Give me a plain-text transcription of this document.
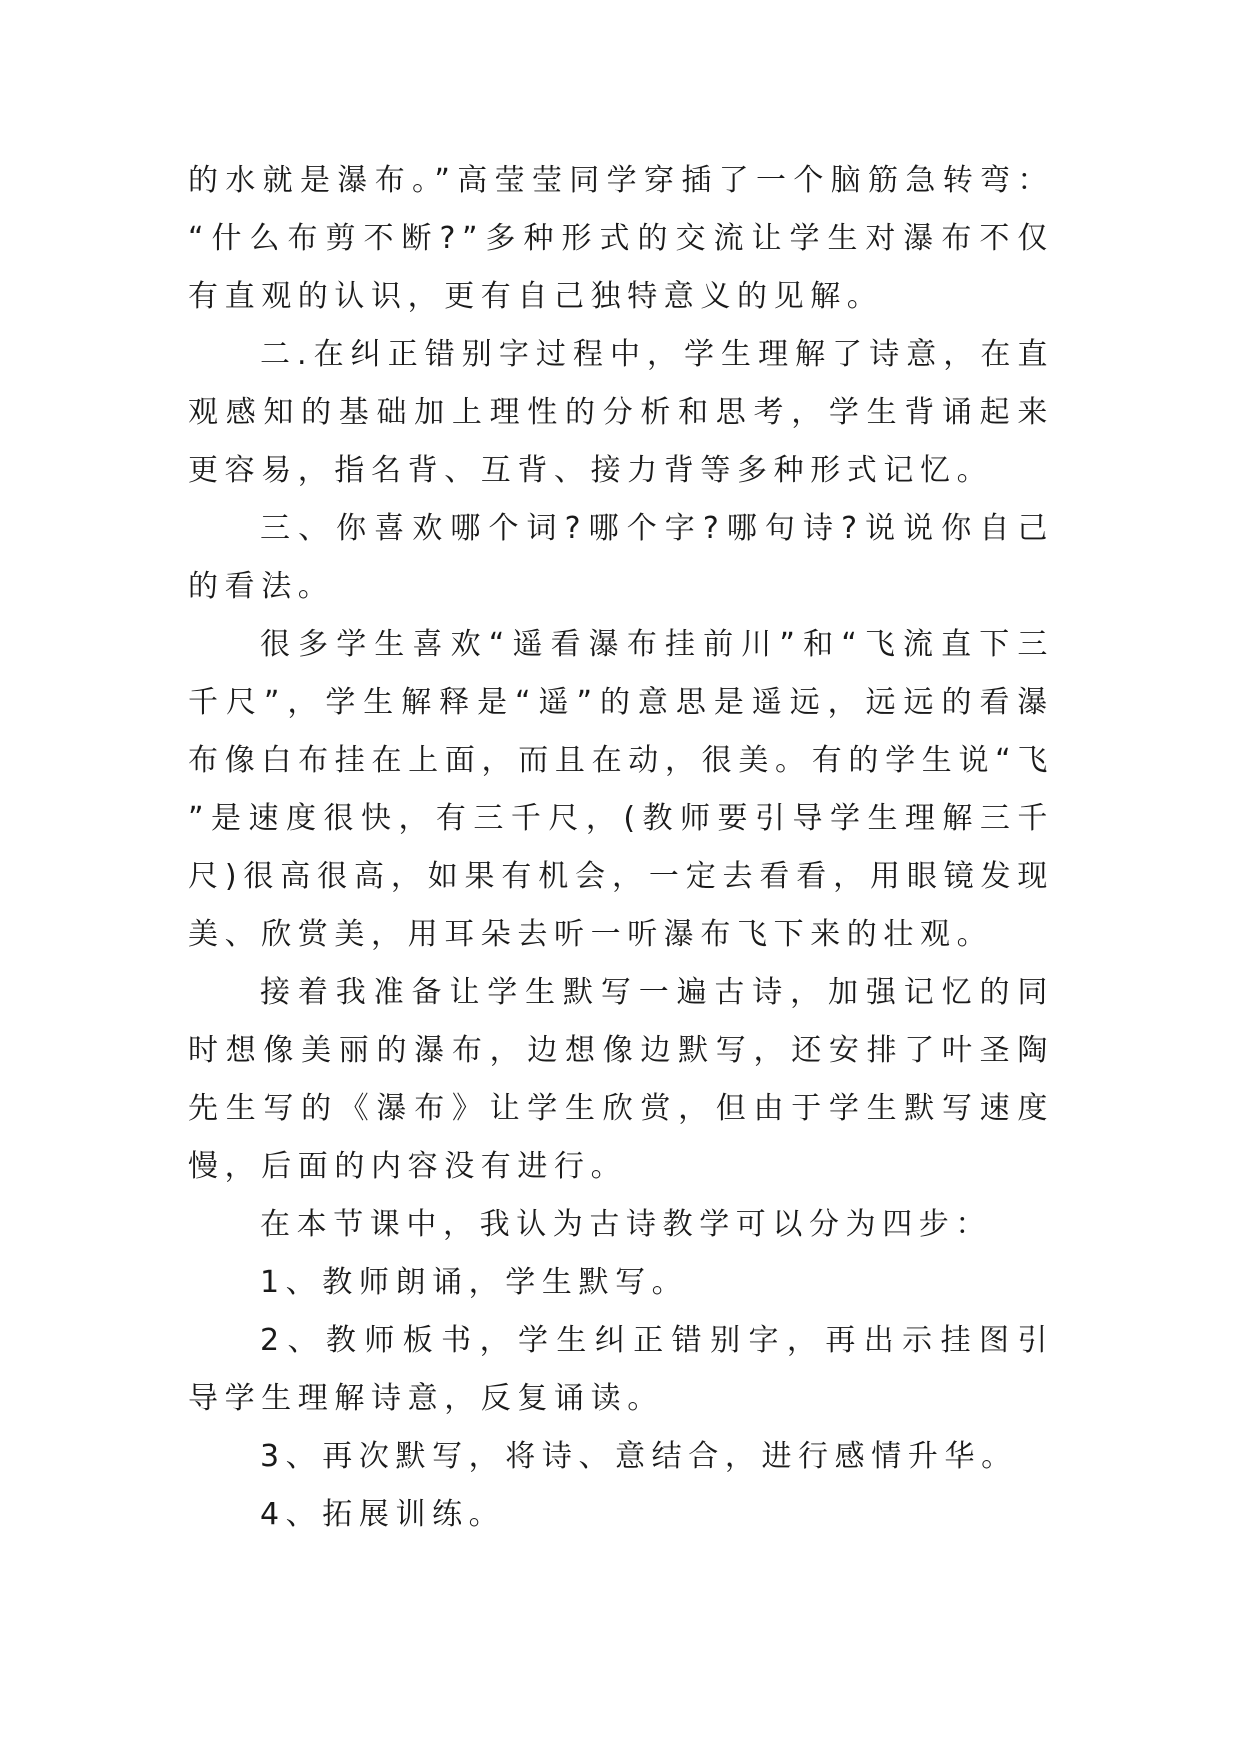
的水就是瀑布。”高莹莹同学穿插了一个脑筋急转弯：“什么布剪不断?”多种形式的交流让学生对瀑布不仅有直观的认识，更有自己独特意义的见解。

二.在纠正错别字过程中，学生理解了诗意，在直观感知的基础加上理性的分析和思考，学生背诵起来更容易，指名背、互背、接力背等多种形式记忆。

三、你喜欢哪个词?哪个字?哪句诗?说说你自己的看法。

很多学生喜欢“遥看瀑布挂前川”和“飞流直下三千尺”，学生解释是“遥”的意思是遥远，远远的看瀑布像白布挂在上面，而且在动，很美。有的学生说“飞”是速度很快，有三千尺，(教师要引导学生理解三千尺)很高很高，如果有机会，一定去看看，用眼镜发现美、欣赏美，用耳朵去听一听瀑布飞下来的壮观。

接着我准备让学生默写一遍古诗，加强记忆的同时想像美丽的瀑布，边想像边默写，还安排了叶圣陶先生写的《瀑布》让学生欣赏，但由于学生默写速度慢，后面的内容没有进行。

在本节课中，我认为古诗教学可以分为四步：

1、教师朗诵，学生默写。

2、教师板书，学生纠正错别字，再出示挂图引导学生理解诗意，反复诵读。

3、再次默写，将诗、意结合，进行感情升华。

4、拓展训练。
